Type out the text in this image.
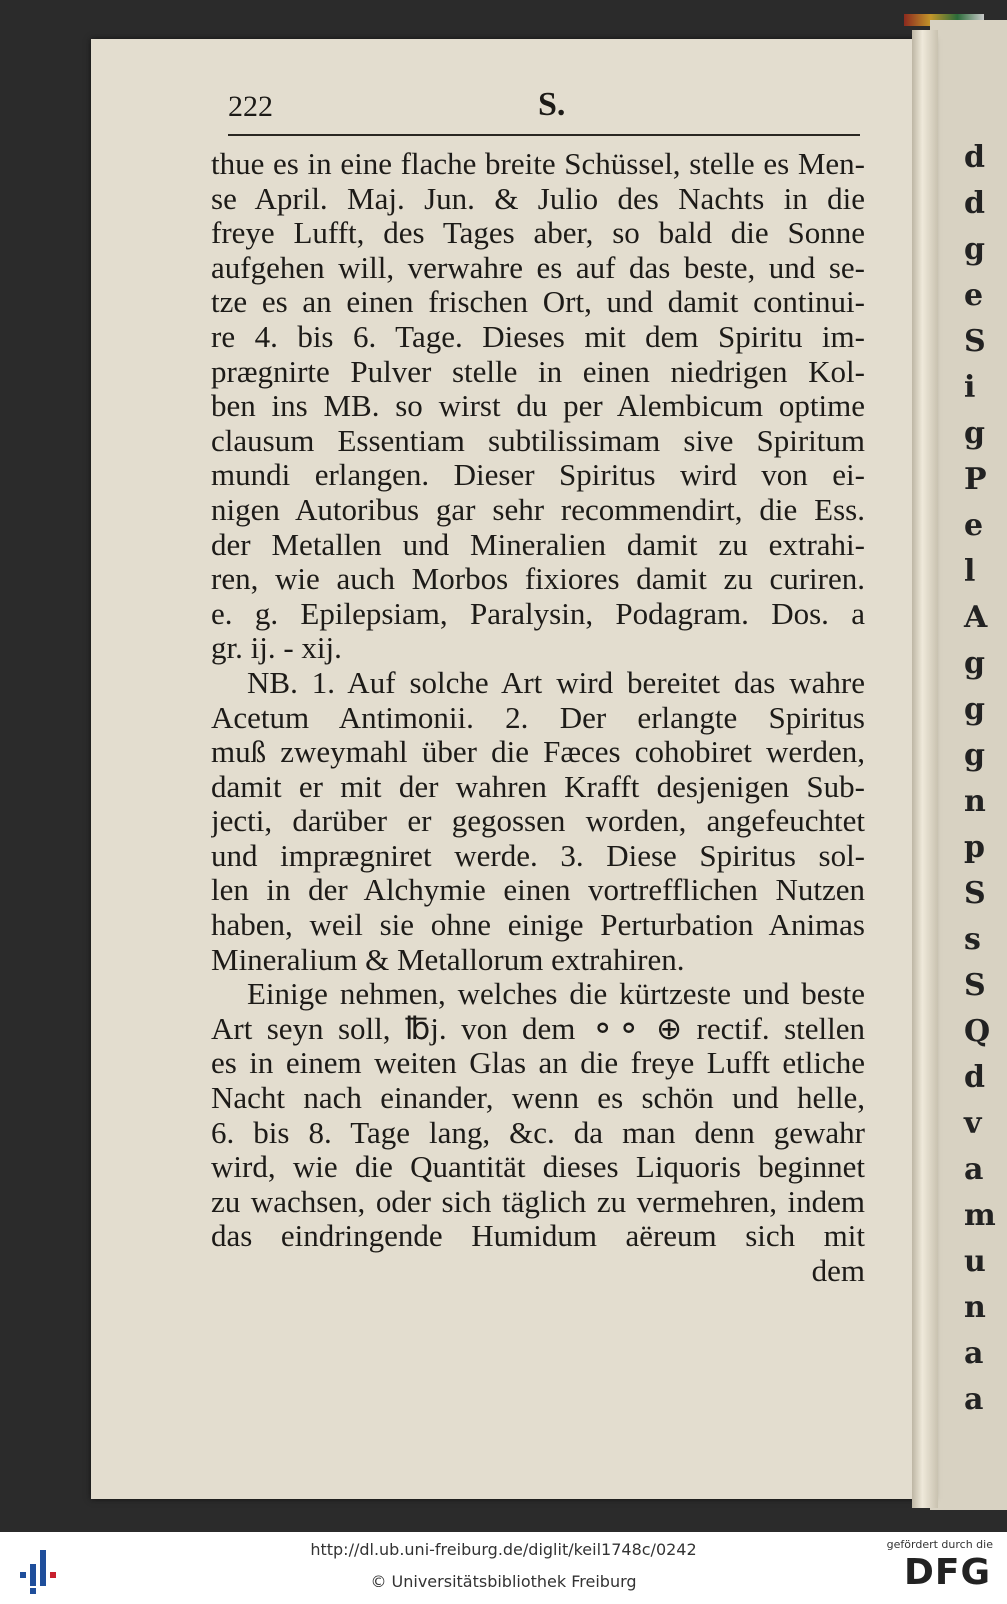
d
d
g
e
S
i
g
P
e
l
A
g
g
g
n
p
S
s
S
Q
d
v
a
m
u
n
a
a
222	S.
thue es in eine flache breite Schüssel, stelle es Men-
se April. Maj. Jun. & Julio des Nachts in die
freye Lufft, des Tages aber, so bald die Sonne
aufgehen will, verwahre es auf das beste, und se-
tze es an einen frischen Ort, und damit continui-
re 4. bis 6. Tage. Dieses mit dem Spiritu im-
prægnirte Pulver stelle in einen niedrigen Kol-
ben ins MB. so wirst du per Alembicum optime
clausum Essentiam subtilissimam sive Spiritum
mundi erlangen. Dieser Spiritus wird von ei-
nigen Autoribus gar sehr recommendirt, die Ess.
der Metallen und Mineralien damit zu extrahi-
ren, wie auch Morbos fixiores damit zu curiren.
e. g. Epilepsiam, Paralysin, Podagram. Dos. a
gr. ij. - xij.
NB. 1. Auf solche Art wird bereitet das wahre
Acetum Antimonii. 2. Der erlangte Spiritus
muß zweymahl über die Fæces cohobiret werden,
damit er mit der wahren Krafft desjenigen Sub-
jecti, darüber er gegossen worden, angefeuchtet
und imprægniret werde. 3. Diese Spiritus sol-
len in der Alchymie einen vortrefflichen Nutzen
haben, weil sie ohne einige Perturbation Animas
Mineralium & Metallorum extrahiren.
Einige nehmen, welches die kürtzeste und beste
Art seyn soll, ℔j. von dem ⚬⚬ ⊕ rectif. stellen
es in einem weiten Glas an die freye Lufft etliche
Nacht nach einander, wenn es schön und helle,
6. bis 8. Tage lang, &c. da man denn gewahr
wird, wie die Quantität dieses Liquoris beginnet
zu wachsen, oder sich täglich zu vermehren, indem
das eindringende Humidum aëreum sich mit
dem
http://dl.ub.uni-freiburg.de/diglit/keil1748c/0242
© Universitätsbibliothek Freiburg
gefördert durch die
DFG
